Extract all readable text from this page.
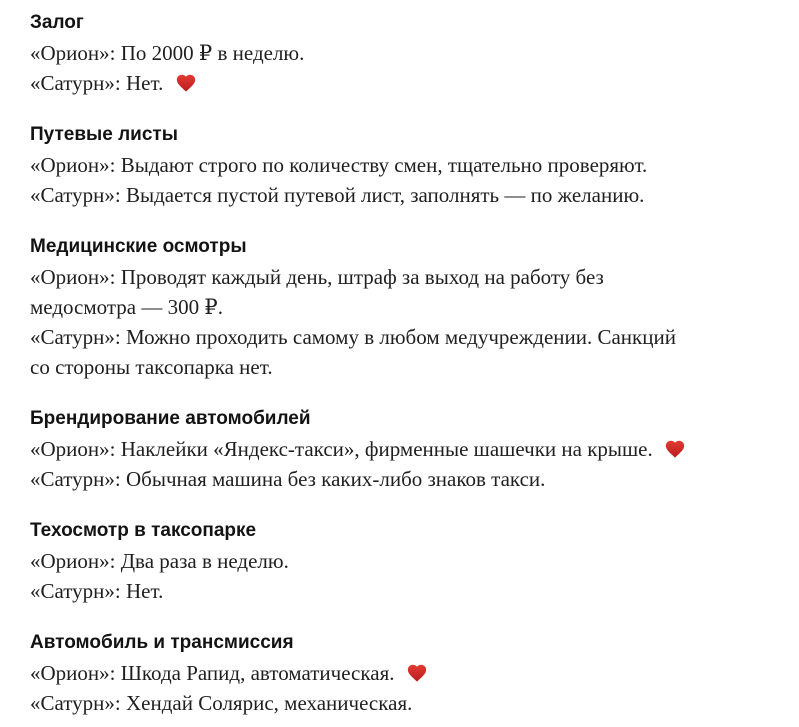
Залог
«Орион»: По 2000 ₽ в неделю.
«Сатурн»: Нет.
Путевые листы
«Орион»: Выдают строго по количеству смен, тщательно проверяют.
«Сатурн»: Выдается пустой путевой лист, заполнять — по желанию.
Медицинские осмотры
«Орион»: Проводят каждый день, штраф за выход на работу без
медосмотра — 300 ₽.
«Сатурн»: Можно проходить самому в любом медучреждении. Санкций
со стороны таксопарка нет.
Брендирование автомобилей
«Орион»: Наклейки «Яндекс-такси», фирменные шашечки на крыше.
«Сатурн»: Обычная машина без каких-либо знаков такси.
Техосмотр в таксопарке
«Орион»: Два раза в неделю.
«Сатурн»: Нет.
Автомобиль и трансмиссия
«Орион»: Шкода Рапид, автоматическая.
«Сатурн»: Хендай Солярис, механическая.
